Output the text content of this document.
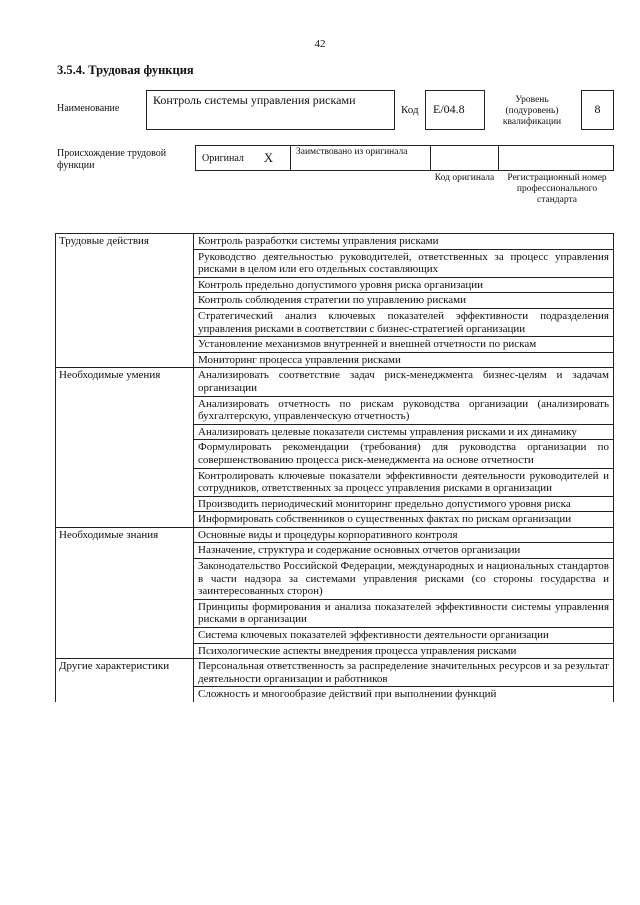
42
3.5.4. Трудовая функция
Наименование
Контроль системы управления рисками
Код	E/04.8
Уровень (подуровень) квалификации
8
Происхождение трудовой функции
Оригинал X Заимствовано из оригинала
Код оригинала	Регистрационный номер профессионального стандарта
Трудовые действия	Контроль разработки системы управления рисками
	Руководство деятельностью руководителей, ответственных за процесс управления рисками в целом или его отдельных составляющих
	Контроль предельно допустимого уровня риска организации
	Контроль соблюдения стратегии по управлению рисками
	Стратегический анализ ключевых показателей эффективности подразделения управления рисками в соответствии с бизнес-стратегией организации
	Установление механизмов внутренней и внешней отчетности по рискам
	Мониторинг процесса управления рисками
Необходимые умения	Анализировать соответствие задач риск-менеджмента бизнес-целям и задачам организации
	Анализировать отчетность по рискам руководства организации (анализировать бухгалтерскую, управленческую отчетность)
	Анализировать целевые показатели системы управления рисками и их динамику
	Формулировать рекомендации (требования) для руководства организации по совершенствованию процесса риск-менеджмента на основе отчетности
	Контролировать ключевые показатели эффективности деятельности руководителей и сотрудников, ответственных за процесс управления рисками в организации
	Производить периодический мониторинг предельно допустимого уровня риска
	Информировать собственников о существенных фактах по рискам организации
Необходимые знания	Основные виды и процедуры корпоративного контроля
	Назначение, структура и содержание основных отчетов организации
	Законодательство Российской Федерации, международных и национальных стандартов в части надзора за системами управления рисками (со стороны государства и заинтересованных сторон)
	Принципы формирования и анализа показателей эффективности системы управления рисками в организации
	Система ключевых показателей эффективности деятельности организации
	Психологические аспекты внедрения процесса управления рисками
Другие характеристики	Персональная ответственность за распределение значительных ресурсов и за результат деятельности организации и работников
	Сложность и многообразие действий при выполнении функций
